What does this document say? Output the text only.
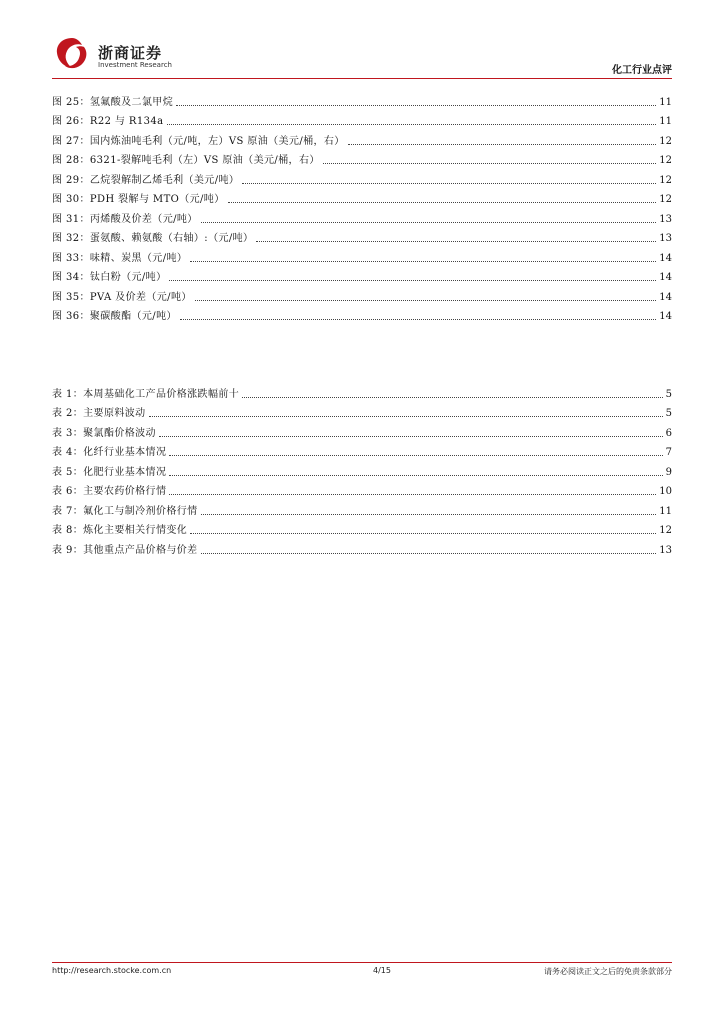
浙商证券
Investment Research	化工行业点评
图 25：氢氟酸及二氯甲烷	11
图 26：R22 与 R134a	11
图 27：国内炼油吨毛利（元/吨，左）VS 原油（美元/桶，右）	12
图 28：6321-裂解吨毛利（左）VS 原油（美元/桶，右）	12
图 29：乙烷裂解制乙烯毛利（美元/吨）	12
图 30：PDH 裂解与 MTO（元/吨）	12
图 31：丙烯酸及价差（元/吨）	13
图 32：蛋氨酸、赖氨酸（右轴）:（元/吨）	13
图 33：味精、炭黑（元/吨）	14
图 34：钛白粉（元/吨）	14
图 35：PVA 及价差（元/吨）	14
图 36：聚碳酸酯（元/吨）	14
表 1：本周基础化工产品价格涨跌幅前十	5
表 2：主要原料波动	5
表 3：聚氯酯价格波动	6
表 4：化纤行业基本情况	7
表 5：化肥行业基本情况	9
表 6：主要农药价格行情	10
表 7：氟化工与制冷剂价格行情	11
表 8：炼化主要相关行情变化	12
表 9：其他重点产品价格与价差	13
http://research.stocke.com.cn	4/15	请务必阅读正文之后的免责条款部分
